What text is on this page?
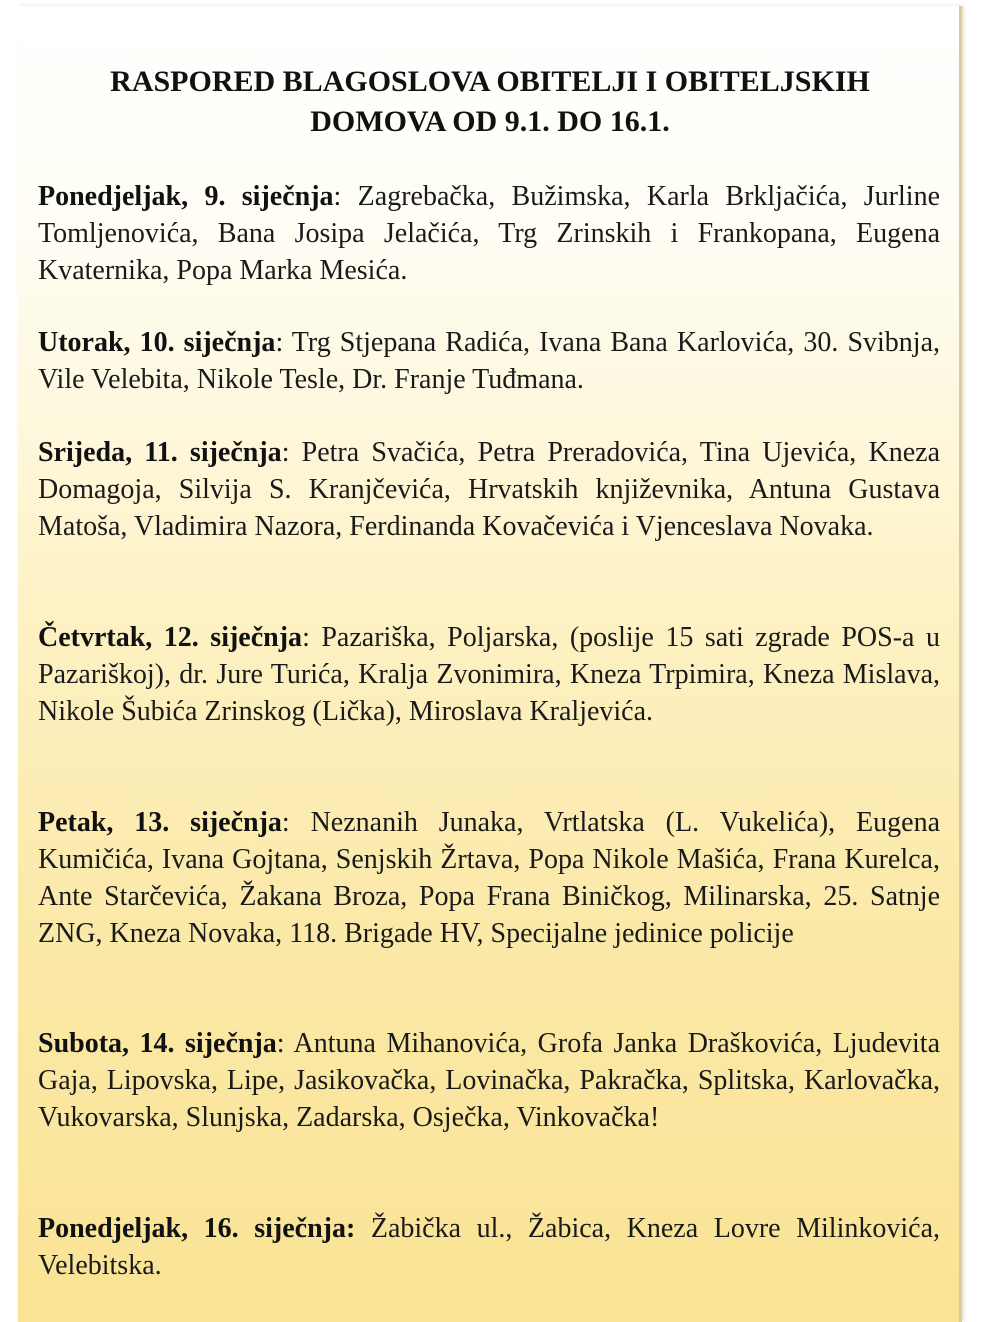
RASPORED BLAGOSLOVA OBITELJI I OBITELJSKIH
DOMOVA OD 9.1. DO 16.1.

Ponedjeljak, 9. siječnja: Zagrebačka, Bužimska, Karla Brkljačića, Jurline Tomljenovića, Bana Josipa Jelačića, Trg Zrinskih i Frankopana, Eugena Kvaternika, Popa Marka Mesića.

Utorak, 10. siječnja: Trg Stjepana Radića, Ivana Bana Karlovića, 30. Svibnja, Vile Velebita, Nikole Tesle, Dr. Franje Tuđmana.

Srijeda, 11. siječnja: Petra Svačića, Petra Preradovića, Tina Ujevića, Kneza Domagoja, Silvija S. Kranjčevića, Hrvatskih književnika, Antuna Gustava Matoša, Vladimira Nazora, Ferdinanda Kovačevića i Vjenceslava Novaka.

Četvrtak, 12. siječnja: Pazariška, Poljarska, (poslije 15 sati zgrade POS-a u Pazariškoj), dr. Jure Turića, Kralja Zvonimira, Kneza Trpimira, Kneza Mislava, Nikole Šubića Zrinskog (Lička), Miroslava Kraljevića.

Petak, 13. siječnja: Neznanih Junaka, Vrtlatska (L. Vukelića), Eugena Kumičića, Ivana Gojtana, Senjskih Žrtava, Popa Nikole Mašića, Frana Kurelca, Ante Starčevića, Žakana Broza, Popa Frana Biničkog, Milinarska, 25. Satnje ZNG, Kneza Novaka, 118. Brigade HV, Specijalne jedinice policije

Subota, 14. siječnja: Antuna Mihanovića, Grofa Janka Draškovića, Ljudevita Gaja, Lipovska, Lipe, Jasikovačka, Lovinačka, Pakračka, Splitska, Karlovačka, Vukovarska, Slunjska, Zadarska, Osječka, Vinkovačka!

Ponedjeljak, 16. siječnja: Žabička ul., Žabica, Kneza Lovre Milinkovića, Velebitska.
